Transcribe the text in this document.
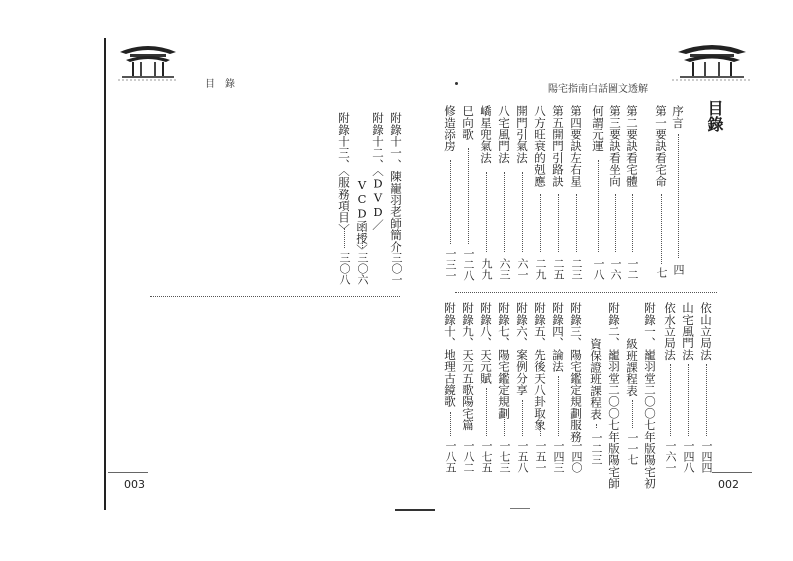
目　錄
003
陽宅指南白話圖文透解
目錄
002
序言
四
第一要訣看宅命
七
第二要訣看宅體
一二
第三要訣看坐向
一六
何謂元運
一八
第四要訣左右星
二三
第五開門引路訣
二五
八方旺衰的剋應
二九
開門引氣法
六一
八宅風門法
六三
嶠星兜氣法
九九
巳向歌
一二八
修造添房
一三一
附錄十一、陳巃羽老師簡介
三〇一
附錄十二、〈DVD／
VCD函授〉
三〇六
附錄十三、〈服務項目〉
三〇八
依山立局法
一四四
山宅風門法
一四八
依水立局法
一六一
附錄一、巃羽堂二〇〇七年版陽宅初
級班課程表
一一七
附錄二、巃羽堂二〇〇七年版陽宅師
資保證班課程表
一二三
附錄三、陽宅鑑定規劃服務
一四〇
附錄四、論法
一四三
附錄五、先後天八卦取象
一五一
附錄六、案例分享
一五八
附錄七、陽宅鑑定規劃
一七三
附錄八、天元賦
一七五
附錄九、天元五歌陽宅篇
一八二
附錄十、地理古鏡歌
一八五
